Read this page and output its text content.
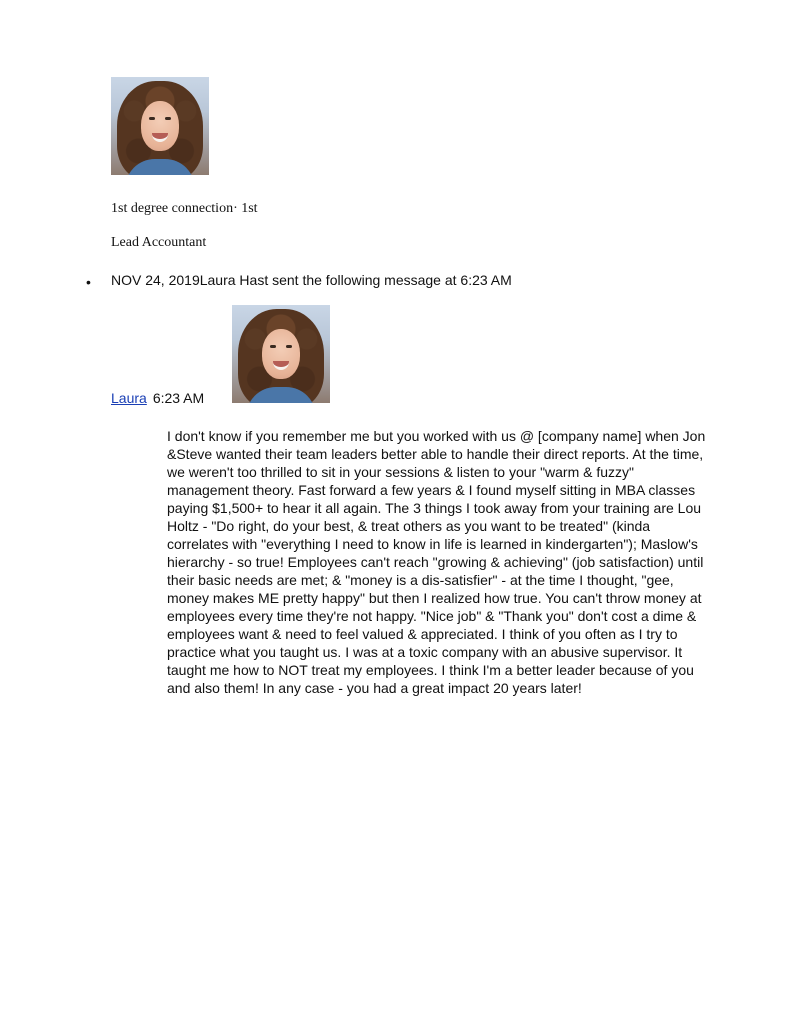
1st degree connection· 1st
Lead Accountant
• NOV 24, 2019Laura Hast sent the following message at 6:23 AM
Laura 6:23 AM
I don't know if you remember me but you worked with us @ [company name] when Jon
&Steve wanted their team leaders better able to handle their direct reports. At the time,
we weren't too thrilled to sit in your sessions & listen to your "warm & fuzzy"
management theory. Fast forward a few years & I found myself sitting in MBA classes
paying $1,500+ to hear it all again. The 3 things I took away from your training are Lou
Holtz - "Do right, do your best, & treat others as you want to be treated" (kinda
correlates with "everything I need to know in life is learned in kindergarten"); Maslow's
hierarchy - so true! Employees can't reach "growing & achieving" (job satisfaction) until
their basic needs are met; & "money is a dis-satisfier" - at the time I thought, "gee,
money makes ME pretty happy" but then I realized how true. You can't throw money at
employees every time they're not happy. "Nice job" & "Thank you" don't cost a dime &
employees want & need to feel valued & appreciated. I think of you often as I try to
practice what you taught us. I was at a toxic company with an abusive supervisor. It
taught me how to NOT treat my employees. I think I'm a better leader because of you
and also them! In any case - you had a great impact 20 years later!
